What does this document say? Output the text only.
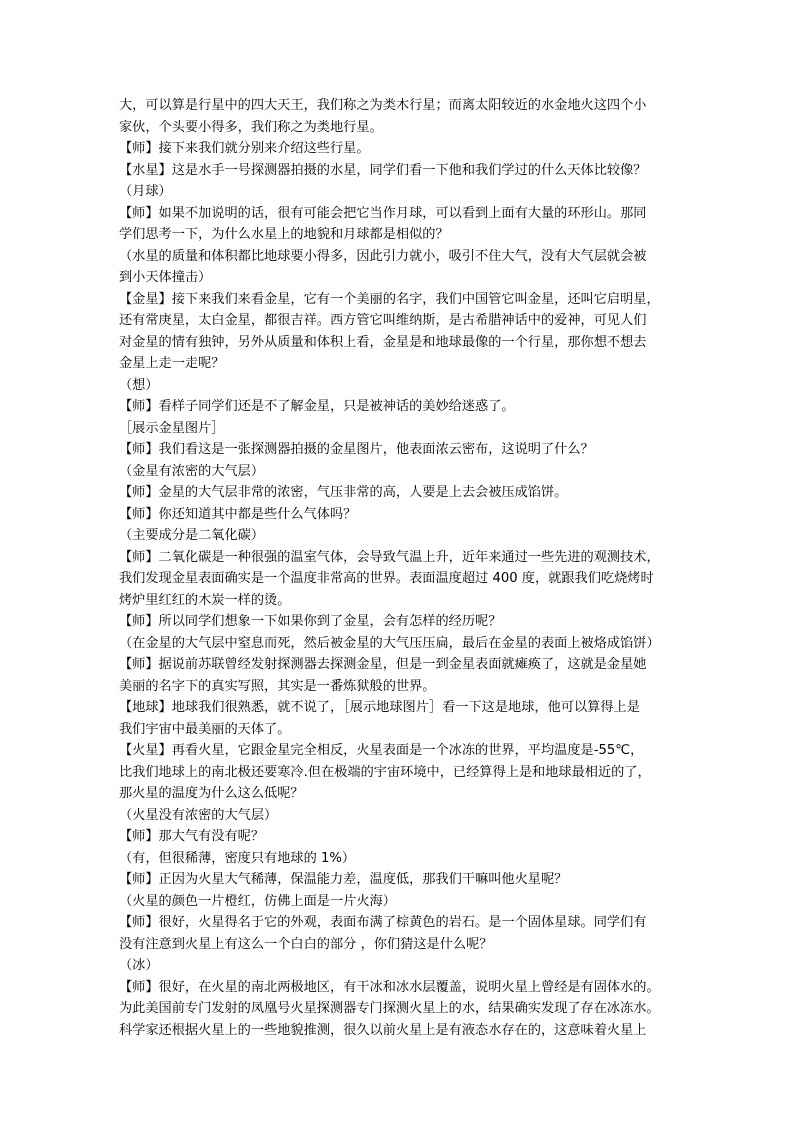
大，可以算是行星中的四大天王，我们称之为类木行星；而离太阳较近的水金地火这四个小
家伙，个头要小得多，我们称之为类地行星。
【师】接下来我们就分别来介绍这些行星。
【水星】这是水手一号探测器拍摄的水星，同学们看一下他和我们学过的什么天体比较像？
（月球）
【师】如果不加说明的话，很有可能会把它当作月球，可以看到上面有大量的环形山。那同
学们思考一下，为什么水星上的地貌和月球都是相似的？
（水星的质量和体积都比地球要小得多，因此引力就小，吸引不住大气，没有大气层就会被
到小天体撞击）
【金星】接下来我们来看金星，它有一个美丽的名字，我们中国管它叫金星，还叫它启明星，
还有常庚星，太白金星，都很吉祥。西方管它叫维纳斯，是古希腊神话中的爱神，可见人们
对金星的情有独钟，另外从质量和体积上看，金星是和地球最像的一个行星，那你想不想去
金星上走一走呢？
（想）
【师】看样子同学们还是不了解金星，只是被神话的美妙给迷惑了。
［展示金星图片］
【师】我们看这是一张探测器拍摄的金星图片，他表面浓云密布，这说明了什么？
（金星有浓密的大气层）
【师】金星的大气层非常的浓密，气压非常的高，人要是上去会被压成馅饼。
【师】你还知道其中都是些什么气体吗？
（主要成分是二氧化碳）
【师】二氧化碳是一种很强的温室气体，会导致气温上升，近年来通过一些先进的观测技术，
我们发现金星表面确实是一个温度非常高的世界。表面温度超过 400 度，就跟我们吃烧烤时
烤炉里红红的木炭一样的烫。
【师】所以同学们想象一下如果你到了金星，会有怎样的经历呢？
（在金星的大气层中窒息而死，然后被金星的大气压压扁，最后在金星的表面上被烙成馅饼）
【师】据说前苏联曾经发射探测器去探测金星，但是一到金星表面就瘫痪了，这就是金星她
美丽的名字下的真实写照，其实是一番炼狱般的世界。
【地球】地球我们很熟悉，就不说了，［展示地球图片］看一下这是地球，他可以算得上是
我们宇宙中最美丽的天体了。
【火星】再看火星，它跟金星完全相反，火星表面是一个冰冻的世界，平均温度是-55℃，
比我们地球上的南北极还要寒冷.但在极端的宇宙环境中，已经算得上是和地球最相近的了，
那火星的温度为什么这么低呢？
（火星没有浓密的大气层）
【师】那大气有没有呢？
（有，但很稀薄，密度只有地球的 1%）
【师】正因为火星大气稀薄，保温能力差，温度低，那我们干嘛叫他火星呢？
（火星的颜色一片橙红，仿佛上面是一片火海）
【师】很好，火星得名于它的外观，表面布满了棕黄色的岩石。是一个固体星球。同学们有
没有注意到火星上有这么一个白白的部分 ，你们猜这是什么呢？
（冰）
【师】很好，在火星的南北两极地区，有干冰和冰水层覆盖，说明火星上曾经是有固体水的。
为此美国前专门发射的凤凰号火星探测器专门探测火星上的水，结果确实发现了存在冰冻水。
科学家还根据火星上的一些地貌推测，很久以前火星上是有液态水存在的，这意味着火星上
